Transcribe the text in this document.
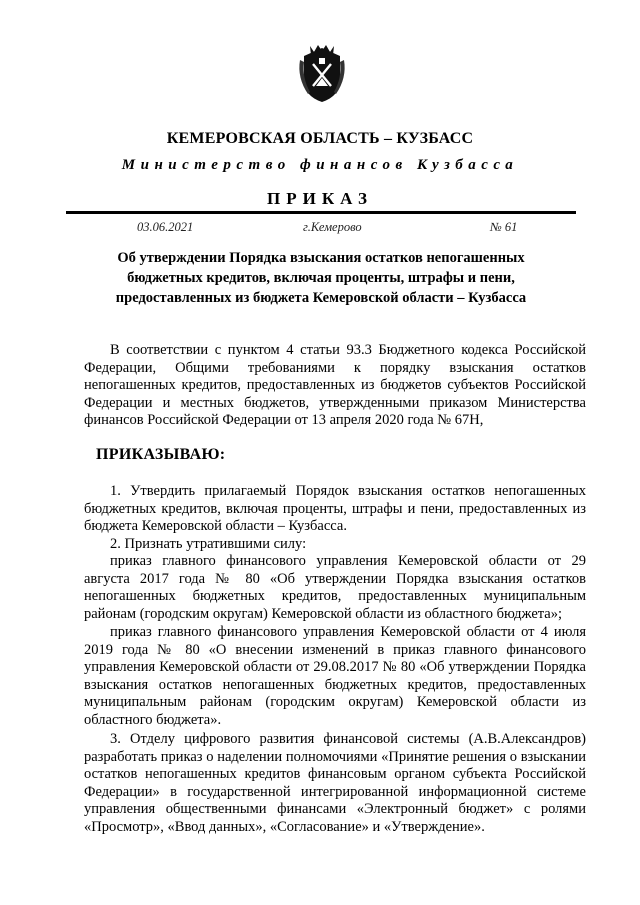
КЕМЕРОВСКАЯ ОБЛАСТЬ – КУЗБАСС
Министерство финансов Кузбасса
ПРИКАЗ
03.06.2021	г.Кемерово	№ 61
Об утверждении Порядка взыскания остатков непогашенных бюджетных кредитов, включая проценты, штрафы и пени, предоставленных из бюджета Кемеровской области – Кузбасса
В соответствии с пунктом 4 статьи 93.3 Бюджетного кодекса Российской Федерации, Общими требованиями к порядку взыскания остатков непогашенных кредитов, предоставленных из бюджетов субъектов Российской Федерации и местных бюджетов, утвержденными приказом Министерства финансов Российской Федерации от 13 апреля 2020 года № 67Н,
ПРИКАЗЫВАЮ:
1. Утвердить прилагаемый Порядок взыскания остатков непогашенных бюджетных кредитов, включая проценты, штрафы и пени, предоставленных из бюджета Кемеровской области – Кузбасса.
2. Признать утратившими силу:
приказ главного финансового управления Кемеровской области от 29 августа 2017 года № 80 «Об утверждении Порядка взыскания остатков непогашенных бюджетных кредитов, предоставленных муниципальным районам (городским округам) Кемеровской области из областного бюджета»;
приказ главного финансового управления Кемеровской области от 4 июля 2019 года № 80 «О внесении изменений в приказ главного финансового управления Кемеровской области от 29.08.2017 № 80 «Об утверждении Порядка взыскания остатков непогашенных бюджетных кредитов, предоставленных муниципальным районам (городским округам) Кемеровской области из областного бюджета».
3. Отделу цифрового развития финансовой системы (А.В.Александров) разработать приказ о наделении полномочиями «Принятие решения о взыскании остатков непогашенных кредитов финансовым органом субъекта Российской Федерации» в государственной интегрированной информационной системе управления общественными финансами «Электронный бюджет» с ролями «Просмотр», «Ввод данных», «Согласование» и «Утверждение».
